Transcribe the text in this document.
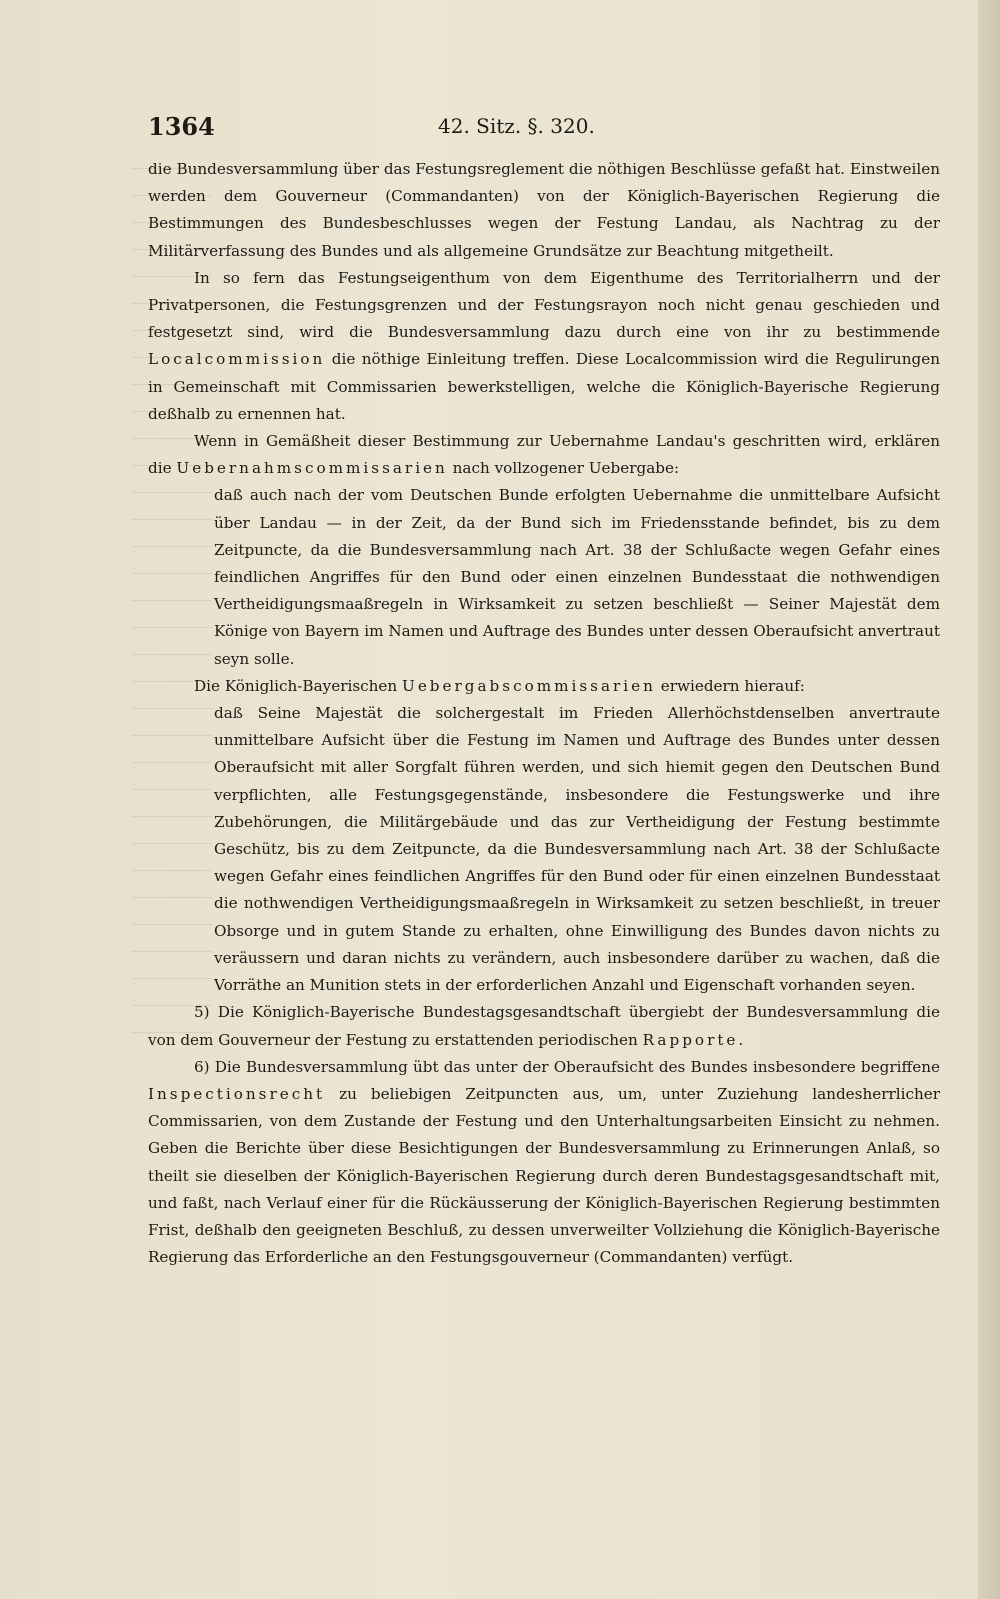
1364	42. Sitz. §. 320.

die Bundesversammlung über das Festungsreglement die nöthigen Beschlüsse gefaßt hat. Einstweilen werden dem Gouverneur (Commandanten) von der Königlich-Bayerischen Regierung die Bestimmungen des Bundesbeschlusses wegen der Festung Landau, als Nachtrag zu der Militärverfassung des Bundes und als allgemeine Grundsätze zur Beachtung mitgetheilt.

In so fern das Festungseigenthum von dem Eigenthume des Territorialherrn und der Privatpersonen, die Festungsgrenzen und der Festungsrayon noch nicht genau geschieden und festgesetzt sind, wird die Bundesversammlung dazu durch eine von ihr zu bestimmende Localcommission die nöthige Einleitung treffen. Diese Localcommission wird die Regulirungen in Gemeinschaft mit Commissarien bewerkstelligen, welche die Königlich-Bayerische Regierung deßhalb zu ernennen hat.

Wenn in Gemäßheit dieser Bestimmung zur Uebernahme Landau's geschritten wird, erklären die Uebernahmscommissarien nach vollzogener Uebergabe:

daß auch nach der vom Deutschen Bunde erfolgten Uebernahme die unmittelbare Aufsicht über Landau — in der Zeit, da der Bund sich im Friedensstande befindet, bis zu dem Zeitpuncte, da die Bundesversammlung nach Art. 38 der Schlußacte wegen Gefahr eines feindlichen Angriffes für den Bund oder einen einzelnen Bundesstaat die nothwendigen Vertheidigungsmaaßregeln in Wirksamkeit zu setzen beschließt — Seiner Majestät dem Könige von Bayern im Namen und Auftrage des Bundes unter dessen Oberaufsicht anvertraut seyn solle.

Die Königlich-Bayerischen Uebergabscommissarien erwiedern hierauf:

daß Seine Majestät die solchergestalt im Frieden Allerhöchstdenselben anvertraute unmittelbare Aufsicht über die Festung im Namen und Auftrage des Bundes unter dessen Oberaufsicht mit aller Sorgfalt führen werden, und sich hiemit gegen den Deutschen Bund verpflichten, alle Festungsgegenstände, insbesondere die Festungswerke und ihre Zubehörungen, die Militärgebäude und das zur Vertheidigung der Festung bestimmte Geschütz, bis zu dem Zeitpuncte, da die Bundesversammlung nach Art. 38 der Schlußacte wegen Gefahr eines feindlichen Angriffes für den Bund oder für einen einzelnen Bundesstaat die nothwendigen Vertheidigungsmaaßregeln in Wirksamkeit zu setzen beschließt, in treuer Obsorge und in gutem Stande zu erhalten, ohne Einwilligung des Bundes davon nichts zu veräussern und daran nichts zu verändern, auch insbesondere darüber zu wachen, daß die Vorräthe an Munition stets in der erforderlichen Anzahl und Eigenschaft vorhanden seyen.

5) Die Königlich-Bayerische Bundestagsgesandtschaft übergiebt der Bundesversammlung die von dem Gouverneur der Festung zu erstattenden periodischen Rapporte.

6) Die Bundesversammlung übt das unter der Oberaufsicht des Bundes insbesondere begriffene Inspectionsrecht zu beliebigen Zeitpuncten aus, um, unter Zuziehung landesherrlicher Commissarien, von dem Zustande der Festung und den Unterhaltungsarbeiten Einsicht zu nehmen. Geben die Berichte über diese Besichtigungen der Bundesversammlung zu Erinnerungen Anlaß, so theilt sie dieselben der Königlich-Bayerischen Regierung durch deren Bundestagsgesandtschaft mit, und faßt, nach Verlauf einer für die Rückäusserung der Königlich-Bayerischen Regierung bestimmten Frist, deßhalb den geeigneten Beschluß, zu dessen unverweilter Vollziehung die Königlich-Bayerische Regierung das Erforderliche an den Festungsgouverneur (Commandanten) verfügt.
